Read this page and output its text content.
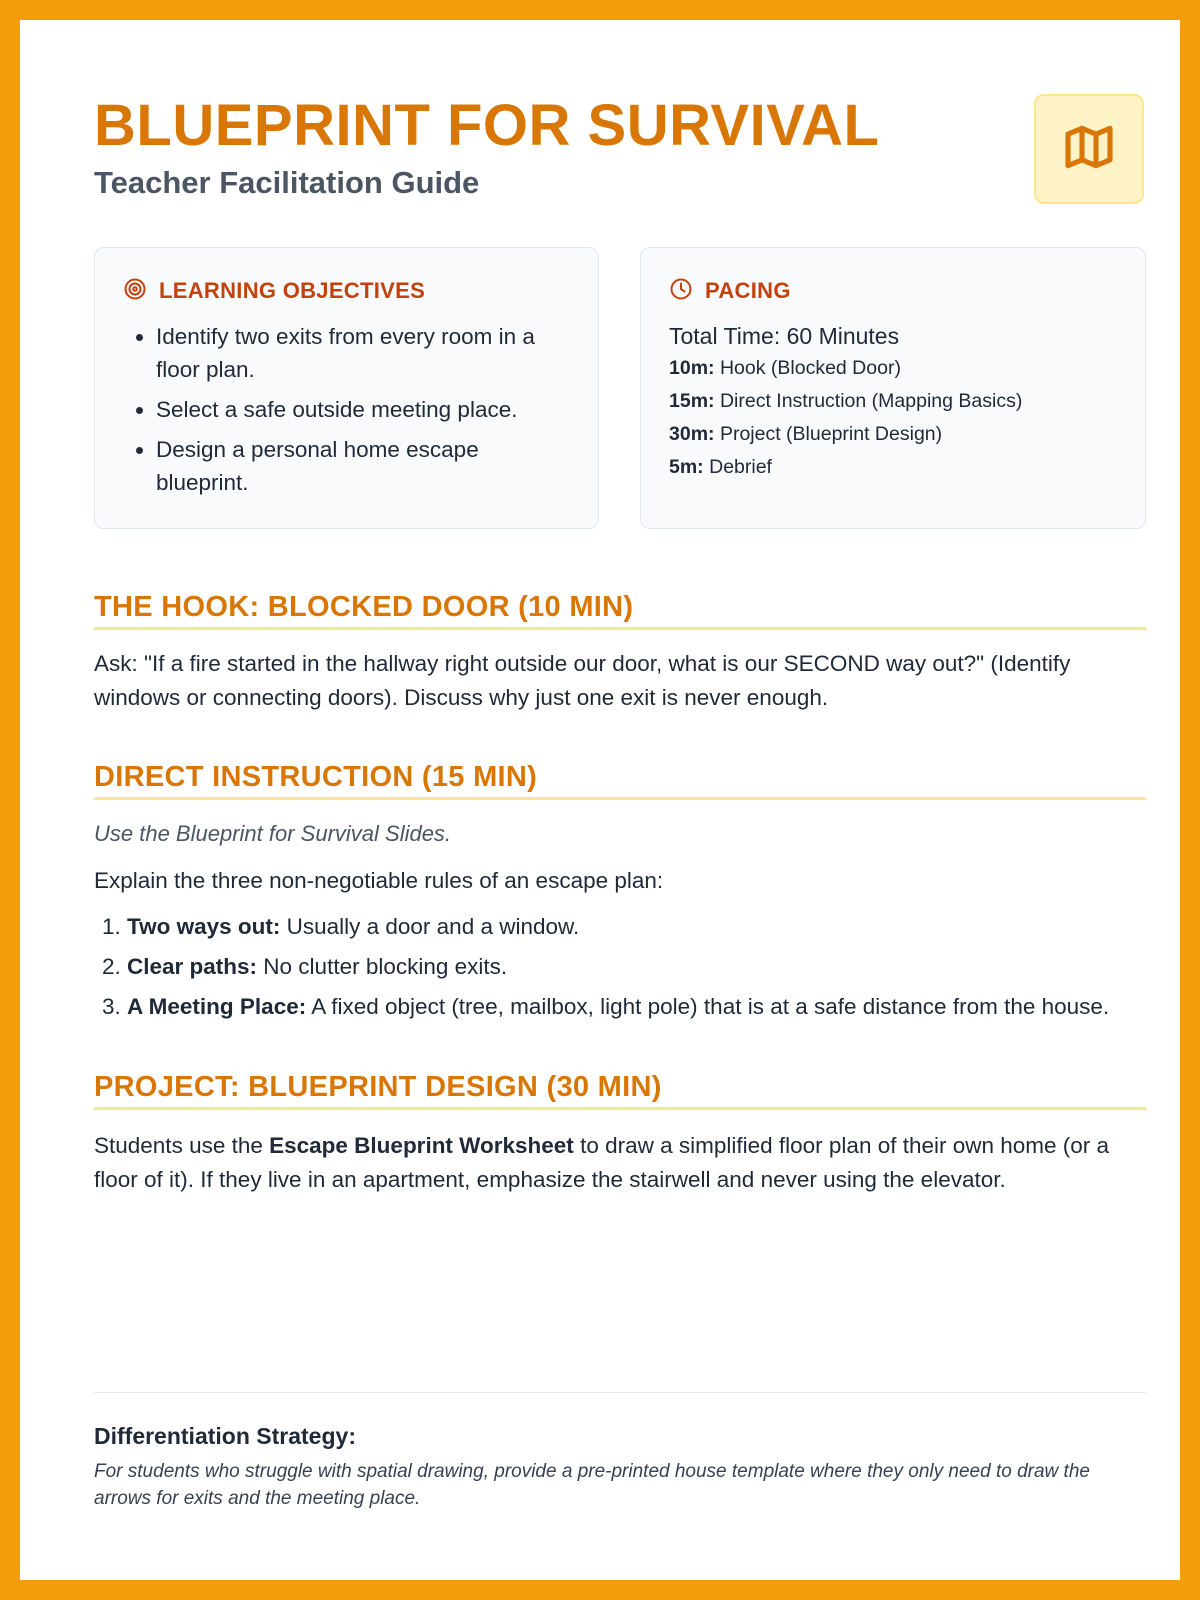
BLUEPRINT FOR SURVIVAL
Teacher Facilitation Guide
LEARNING OBJECTIVES
• Identify two exits from every room in a floor plan.
• Select a safe outside meeting place.
• Design a personal home escape blueprint.
PACING
Total Time: 60 Minutes
10m: Hook (Blocked Door)
15m: Direct Instruction (Mapping Basics)
30m: Project (Blueprint Design)
5m: Debrief
THE HOOK: BLOCKED DOOR (10 MIN)

Ask: "If a fire started in the hallway right outside our door, what is our SECOND way out?" (Identify windows or connecting doors). Discuss why just one exit is never enough.

DIRECT INSTRUCTION (15 MIN)

Use the Blueprint for Survival Slides.

Explain the three non-negotiable rules of an escape plan:

1. Two ways out: Usually a door and a window.
2. Clear paths: No clutter blocking exits.
3. A Meeting Place: A fixed object (tree, mailbox, light pole) that is at a safe distance from the house.
PROJECT: BLUEPRINT DESIGN (30 MIN)

Students use the Escape Blueprint Worksheet to draw a simplified floor plan of their own home (or a floor of it). If they live in an apartment, emphasize the stairwell and never using the elevator.

Differentiation Strategy:

For students who struggle with spatial drawing, provide a pre-printed house template where they only need to draw the arrows for exits and the meeting place.
